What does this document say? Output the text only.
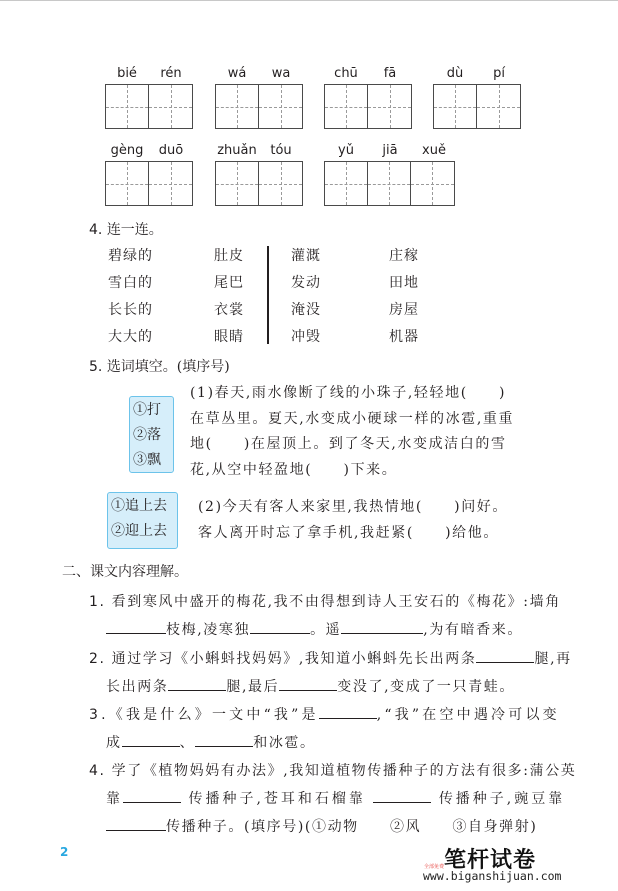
bié	rén	wá	wa	chū	fā	dù	pí
gèng	duō	zhuǎn	tóu	yǔ	jiā	xuě
4. 连一连。
碧绿的
雪白的
长长的
大大的
肚皮
尾巴
衣裳
眼睛
灌溉
发动
淹没
冲毁
庄稼
田地
房屋
机器
5. 选词填空。(填序号)
①打
②落
③飘
(1)春天,雨水像断了线的小珠子,轻轻地(　　)
在草丛里。夏天,水变成小硬球一样的冰雹,重重
地(　　)在屋顶上。到了冬天,水变成洁白的雪
花,从空中轻盈地(　　)下来。
①追上去
②迎上去
(2)今天有客人来家里,我热情地(　　)问好。
客人离开时忘了拿手机,我赶紧(　　)给他。
二、课文内容理解。
1. 看到寒风中盛开的梅花,我不由得想到诗人王安石的《梅花》:墙角
枝梅,凌寒独	。遥	,为有暗香来。
2. 通过学习《小蝌蚪找妈妈》,我知道小蝌蚪先长出两条	腿,再
长出两条	腿,最后	变没了,变成了一只青蛙。
3.《我是什么》一文中“我”是	,“我”在空中遇冷可以变
成	、	和冰雹。
4. 学了《植物妈妈有办法》,我知道植物传播种子的方法有很多:蒲公英
靠	传播种子,苍耳和石榴靠	传播种子,豌豆靠
传播种子。(填序号)(①动物　　②风　　③自身弹射)
2
全部免费 笔杆试卷
www.biganshijuan.com
